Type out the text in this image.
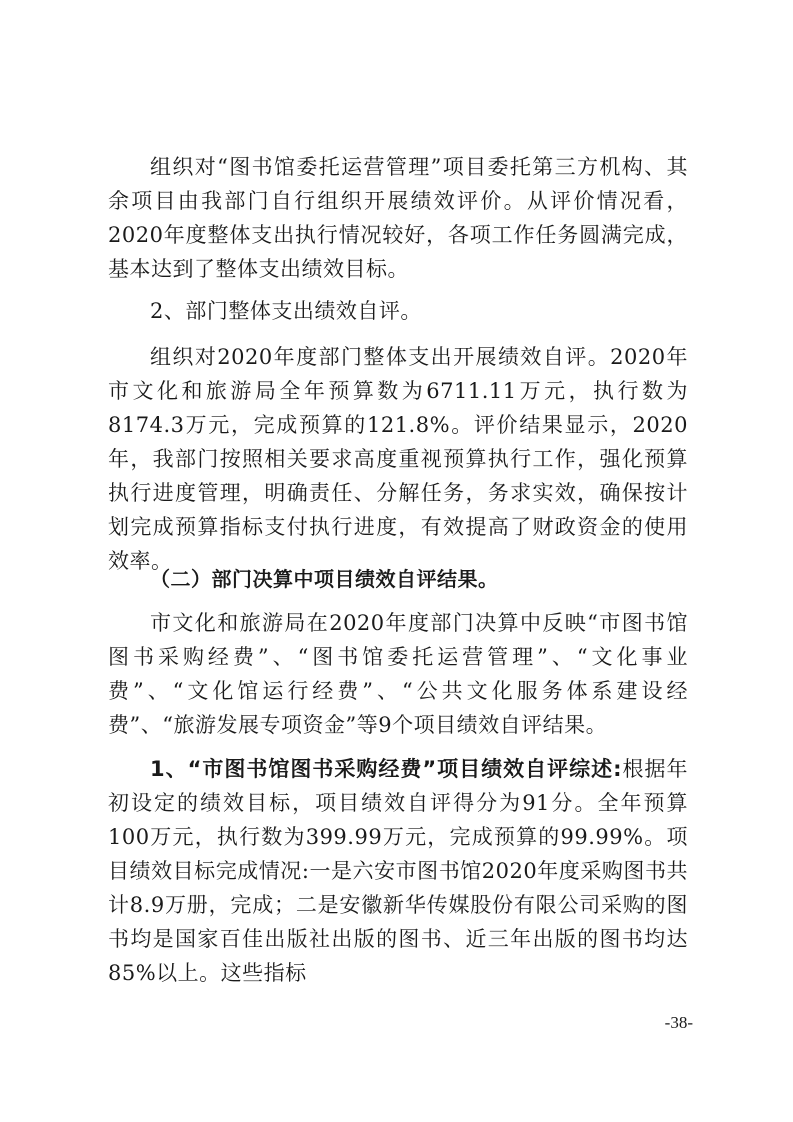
组织对“图书馆委托运营管理”项目委托第三方机构、其余项目由我部门自行组织开展绩效评价。从评价情况看，2020年度整体支出执行情况较好，各项工作任务圆满完成，基本达到了整体支出绩效目标。

2、部门整体支出绩效自评。

组织对2020年度部门整体支出开展绩效自评。2020年市文化和旅游局全年预算数为6711.11万元，执行数为 8174.3万元，完成预算的121.8%。评价结果显示，2020年，我部门按照相关要求高度重视预算执行工作，强化预算执行进度管理，明确责任、分解任务，务求实效，确保按计划完成预算指标支付执行进度，有效提高了财政资金的使用效率。

（二）部门决算中项目绩效自评结果。

市文化和旅游局在2020年度部门决算中反映“市图书馆图书采购经费”、“图书馆委托运营管理”、“文化事业费”、“文化馆运行经费”、“公共文化服务体系建设经费”、“旅游发展专项资金”等9个项目绩效自评结果。

1、“市图书馆图书采购经费”项目绩效自评综述:根据年初设定的绩效目标，项目绩效自评得分为91分。全年预算100万元，执行数为399.99万元，完成预算的99.99%。项目绩效目标完成情况:一是六安市图书馆2020年度采购图书共计8.9万册，完成；二是安徽新华传媒股份有限公司采购的图书均是国家百佳出版社出版的图书、近三年出版的图书均达85%以上。这些指标

-38-
